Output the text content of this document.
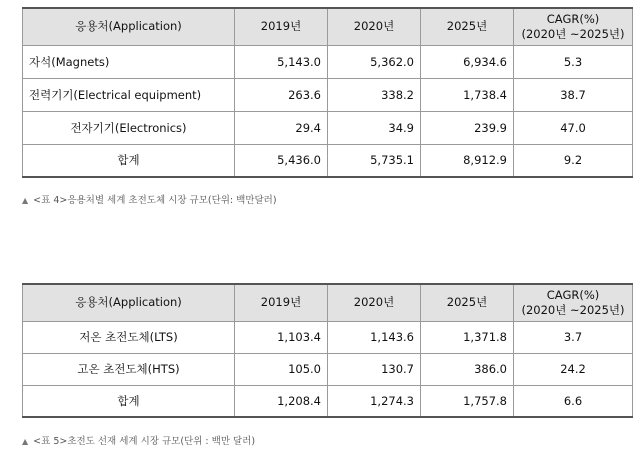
응용처(Application)	2019년	2020년	2025년	CAGR(%)
(2020년 ~2025년)

자석(Magnets)	5,143.0	5,362.0	6,934.6	5.3
전력기기(Electrical equipment)	263.6	338.2	1,738.4	38.7
전자기기(Electronics)	29.4	34.9	239.9	47.0
합계	5,436.0	5,735.1	8,912.9	9.2
▲ <표 4>응용처별 세계 초전도체 시장 규모(단위: 백만달러)
응용처(Application)	2019년	2020년	2025년	CAGR(%)
(2020년 ~2025년)

저온 초전도체(LTS)	1,103.4	1,143.6	1,371.8	3.7
고온 초전도체(HTS)	105.0	130.7	386.0	24.2
합계	1,208.4	1,274.3	1,757.8	6.6
▲ <표 5>초전도 선재 세계 시장 규모(단위 : 백만 달러)
